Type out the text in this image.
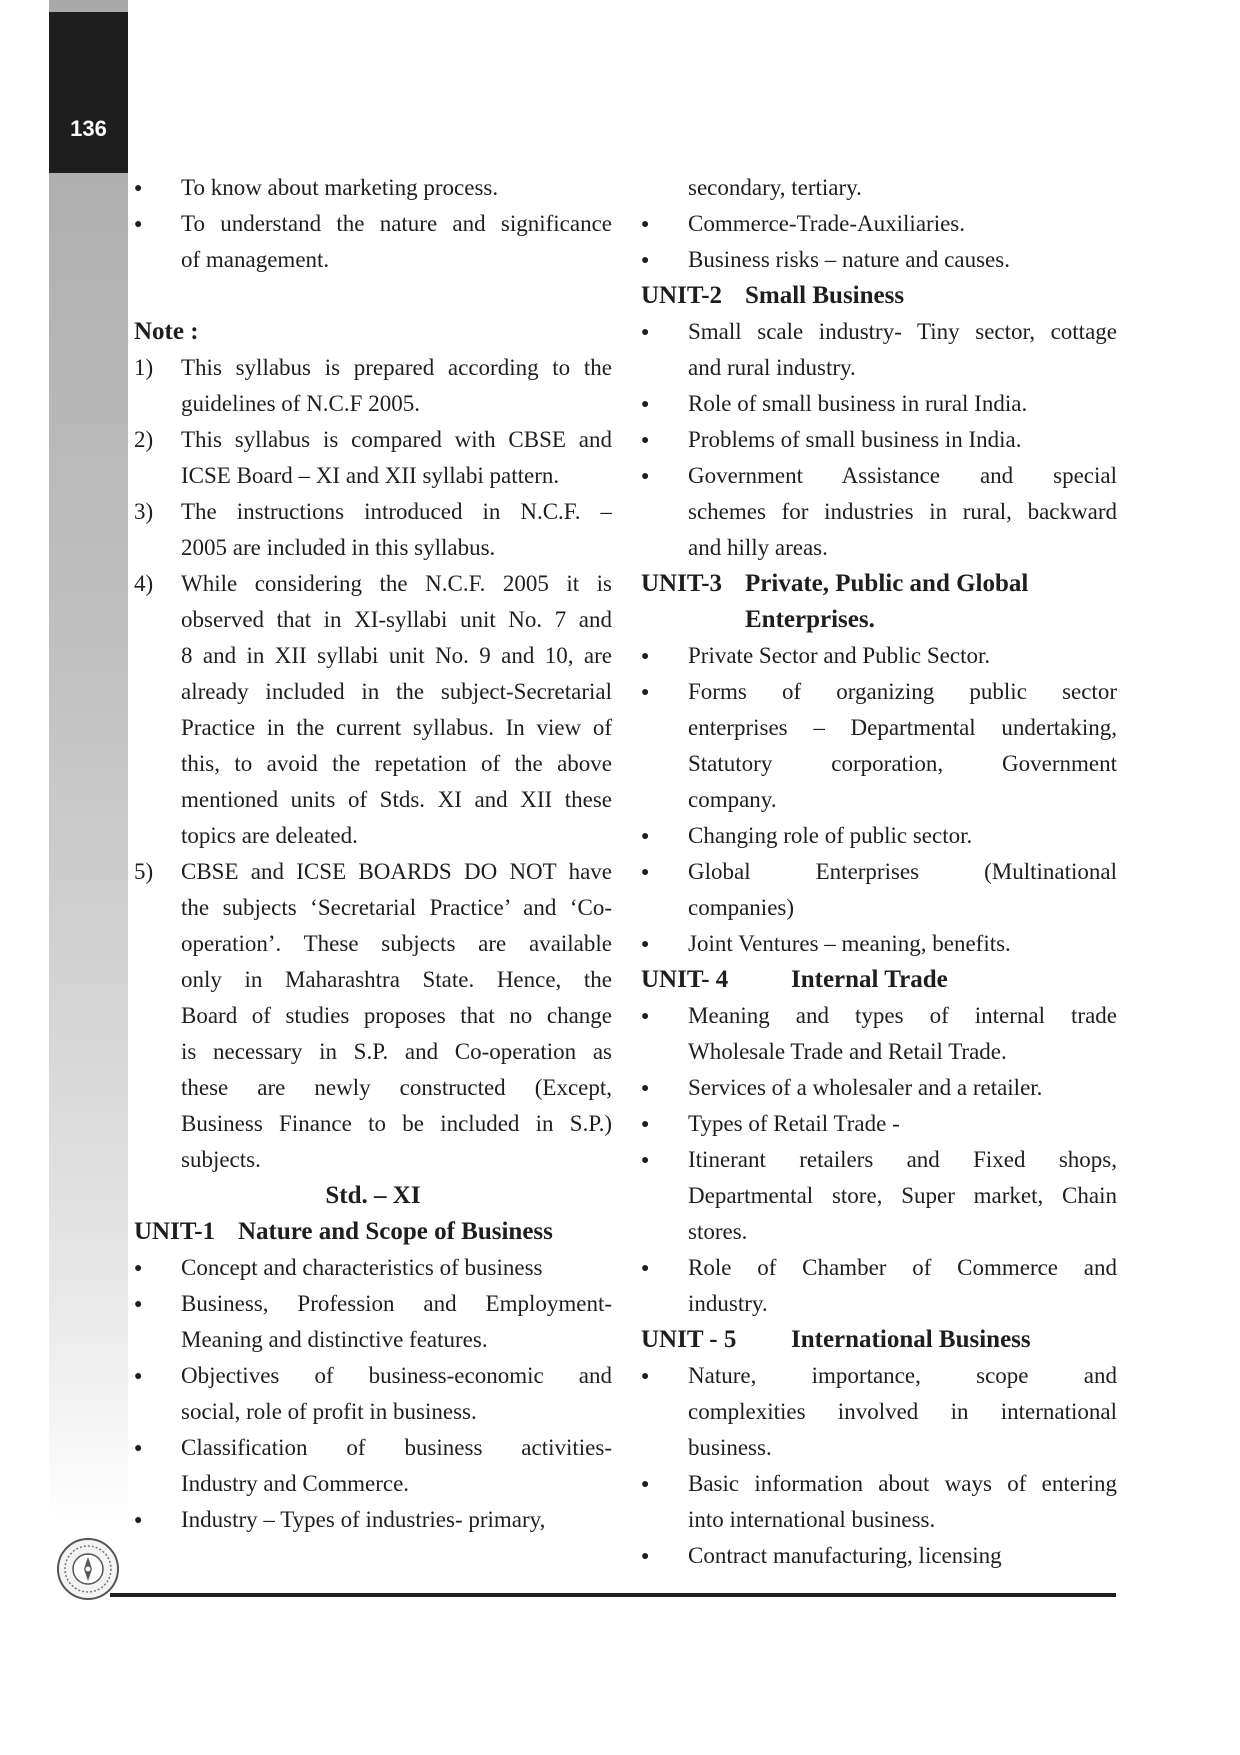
136
● To know about marketing process.
● To understand the nature and significance
of management.
Note :
1) This syllabus is prepared according to the
guidelines of N.C.F 2005.
2) This syllabus is compared with CBSE and
ICSE Board – XI and XII syllabi pattern.
3) The instructions introduced in N.C.F. –
2005 are included in this syllabus.
4) While considering the N.C.F. 2005 it is
observed that in XI-syllabi unit No. 7 and
8 and in XII syllabi unit No. 9 and 10, are
already included in the subject-Secretarial
Practice in the current syllabus. In view of
this, to avoid the repetation of the above
mentioned units of Stds. XI and XII these
topics are deleated.
5) CBSE and ICSE BOARDS DO NOT have
the subjects ‘Secretarial Practice’ and ‘Co-
operation’. These subjects are available
only in Maharashtra State. Hence, the
Board of studies proposes that no change
is necessary in S.P. and Co-operation as
these are newly constructed (Except,
Business Finance to be included in S.P.)
subjects.
Std. – XI
UNIT-1 Nature and Scope of Business
● Concept and characteristics of business
● Business, Profession and Employment-
Meaning and distinctive features.
● Objectives of business-economic and
social, role of profit in business.
● Classification of business activities-
Industry and Commerce.
● Industry – Types of industries- primary,
secondary, tertiary.
● Commerce-Trade-Auxiliaries.
● Business risks – nature and causes.
UNIT-2 Small Business
● Small scale industry- Tiny sector, cottage
and rural industry.
● Role of small business in rural India.
● Problems of small business in India.
● Government Assistance and special
schemes for industries in rural, backward
and hilly areas.
UNIT-3 Private, Public and Global
Enterprises.
● Private Sector and Public Sector.
● Forms of organizing public sector
enterprises – Departmental undertaking,
Statutory corporation, Government
company.
● Changing role of public sector.
● Global Enterprises (Multinational
companies)
● Joint Ventures – meaning, benefits.
UNIT- 4	Internal Trade
● Meaning and types of internal trade
Wholesale Trade and Retail Trade.
● Services of a wholesaler and a retailer.
● Types of Retail Trade -
● Itinerant retailers and Fixed shops,
Departmental store, Super market, Chain
stores.
● Role of Chamber of Commerce and
industry.
UNIT - 5 International Business
● Nature, importance, scope and
complexities involved in international
business.
● Basic information about ways of entering
into international business.
● Contract manufacturing, licensing
